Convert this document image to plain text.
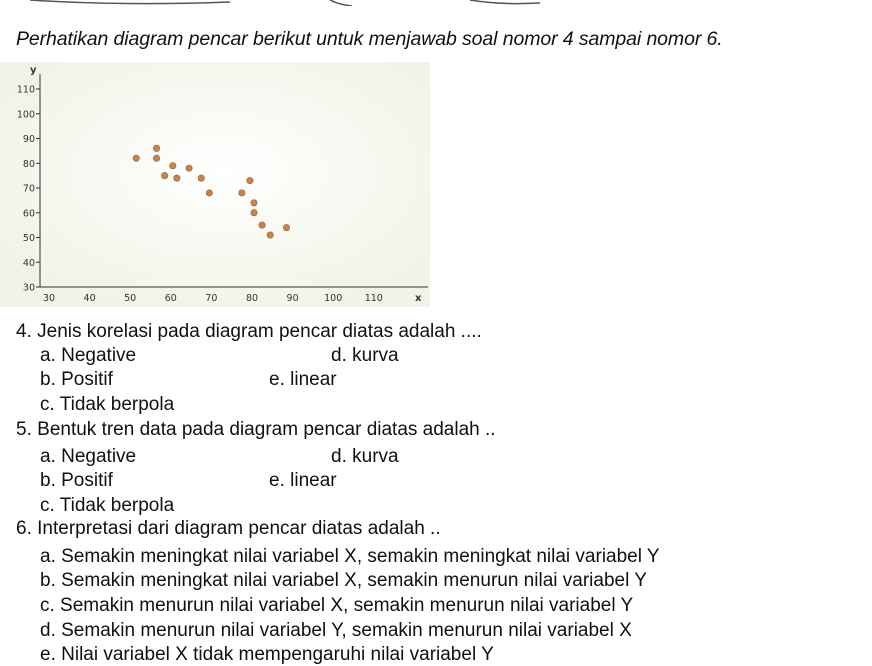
Perhatikan diagram pencar berikut untuk menjawab soal nomor 4 sampai nomor 6.
y
x
110
100
90
80
70
60
50
40
30
30	40	50	60	70	80	90	100 110
4. Jenis korelasi pada diagram pencar diatas adalah ....
a. Negative	d. kurva
b. Positif	e. linear
c. Tidak berpola
5. Bentuk tren data pada diagram pencar diatas adalah ..
a. Negative	d. kurva
b. Positif	e. linear
c. Tidak berpola
6. Interpretasi dari diagram pencar diatas adalah ..
a. Semakin meningkat nilai variabel X, semakin meningkat nilai variabel Y
b. Semakin meningkat nilai variabel X, semakin menurun nilai variabel Y
c. Semakin menurun nilai variabel X, semakin menurun nilai variabel Y
d. Semakin menurun nilai variabel Y, semakin menurun nilai variabel X
e. Nilai variabel X tidak mempengaruhi nilai variabel Y
